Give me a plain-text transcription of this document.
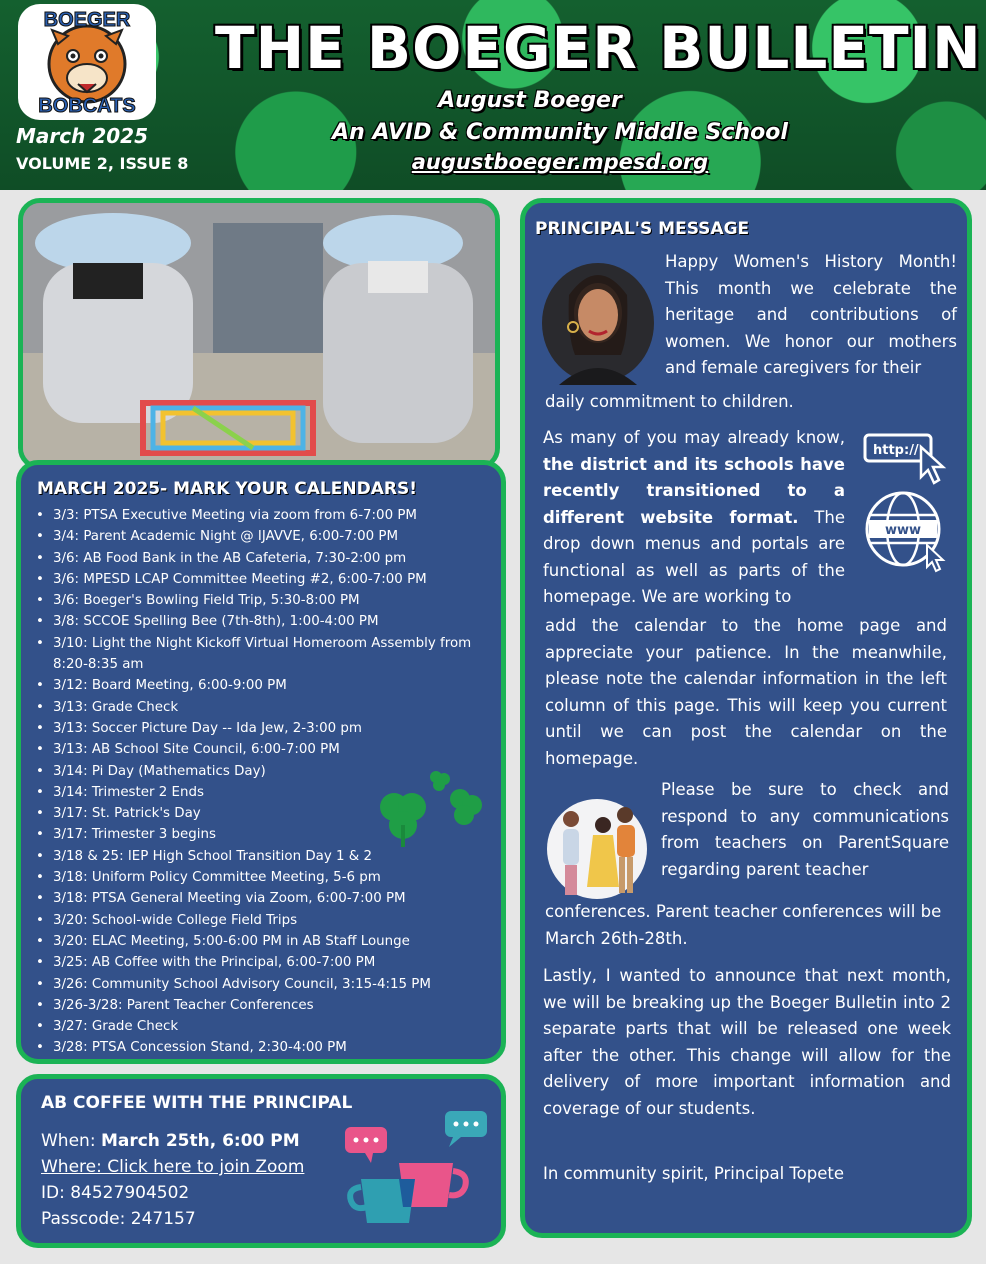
BOEGER
BOBCATS
THE BOEGER BULLETIN
August Boeger
An AVID & Community Middle School
augustboeger.mpesd.org
March 2025
VOLUME 2, ISSUE 8
MARCH 2025- MARK YOUR CALENDARS!
• 3/3: PTSA Executive Meeting via zoom from 6-7:00 PM
• 3/4: Parent Academic Night @ IJAVVE, 6:00-7:00 PM
• 3/6: AB Food Bank in the AB Cafeteria, 7:30-2:00 pm
• 3/6: MPESD LCAP Committee Meeting #2, 6:00-7:00 PM
• 3/6: Boeger's Bowling Field Trip, 5:30-8:00 PM
• 3/8: SCCOE Spelling Bee (7th-8th), 1:00-4:00 PM
• 3/10: Light the Night Kickoff Virtual Homeroom Assembly from 8:20-8:35 am
• 3/12: Board Meeting, 6:00-9:00 PM
• 3/13: Grade Check
• 3/13: Soccer Picture Day -- Ida Jew, 2-3:00 pm
• 3/13: AB School Site Council, 6:00-7:00 PM
• 3/14: Pi Day (Mathematics Day)
• 3/14: Trimester 2 Ends
• 3/17: St. Patrick's Day
• 3/17: Trimester 3 begins
• 3/18 & 25: IEP High School Transition Day 1 & 2
• 3/18: Uniform Policy Committee Meeting, 5-6 pm
• 3/18: PTSA General Meeting via Zoom, 6:00-7:00 PM
• 3/20: School-wide College Field Trips
• 3/20: ELAC Meeting, 5:00-6:00 PM in AB Staff Lounge
• 3/25: AB Coffee with the Principal, 6:00-7:00 PM
• 3/26: Community School Advisory Council, 3:15-4:15 PM
• 3/26-3/28: Parent Teacher Conferences
• 3/27: Grade Check
• 3/28: PTSA Concession Stand, 2:30-4:00 PM
AB COFFEE WITH THE PRINCIPAL
When: March 25th, 6:00 PM
Where: Click here to join Zoom
ID: 84527904502
Passcode: 247157
PRINCIPAL'S MESSAGE
Happy Women's History Month! This month we celebrate the heritage and contributions of women. We honor our mothers and female caregivers for their
daily commitment to children.
As many of you may already know, the district and its schools have recently transitioned to a different website format. The drop down menus and portals are functional as well as parts of the homepage. We are working to
http://
www
add the calendar to the home page and appreciate your patience. In the meanwhile, please note the calendar information in the left column of this page. This will keep you current until we can post the calendar on the homepage.
Please be sure to check and respond to any communications from teachers on ParentSquare regarding parent teacher
conferences. Parent teacher conferences will be March 26th-28th.
Lastly, I wanted to announce that next month, we will be breaking up the Boeger Bulletin into 2 separate parts that will be released one week after the other. This change will allow for the delivery of more important information and coverage of our students.
In community spirit, Principal Topete
